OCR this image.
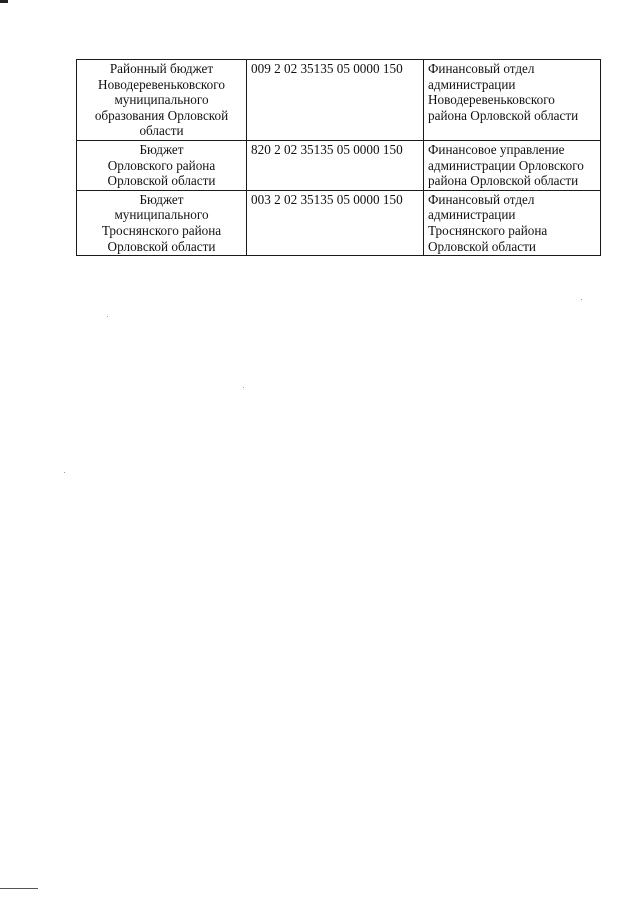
Районный бюджет
Новодеревеньковского
муниципального
образования Орловской
области	009 2 02 35135 05 0000 150	Финансовый отдел
администрации
Новодеревеньковского
района Орловской области

Бюджет
Орловского района
Орловской области	820 2 02 35135 05 0000 150	Финансовое управление
администрации Орловского
района Орловской области

Бюджет
муниципального
Троснянского района
Орловской области	003 2 02 35135 05 0000 150	Финансовый отдел
администрации
Троснянского района
Орловской области
